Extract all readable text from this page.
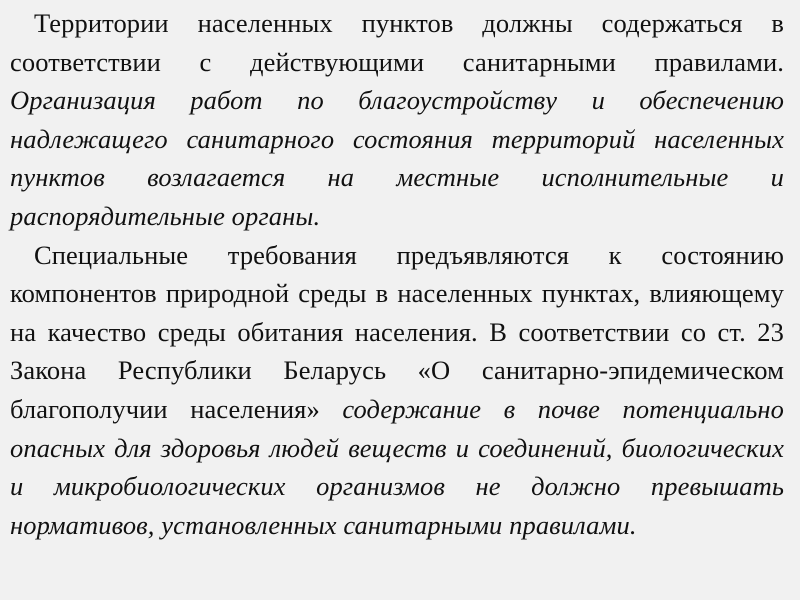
Территории населенных пунктов должны содержаться в соответствии с действующими санитарными правилами. Организация работ по благоустройству и обеспечению надлежащего санитарного состояния территорий населенных пунктов возлагается на местные исполнительные и распорядительные органы.

Специальные требования предъявляются к состоянию компонентов природной среды в населенных пунктах, влияющему на качество среды обитания населения. В соответствии со ст. 23 Закона Республики Беларусь «О санитарно-эпидемическом благополучии населения» содержание в почве потенциально опасных для здоровья людей веществ и соединений, биологических и микробиологических организмов не должно превышать нормативов, установленных санитарными правилами.
